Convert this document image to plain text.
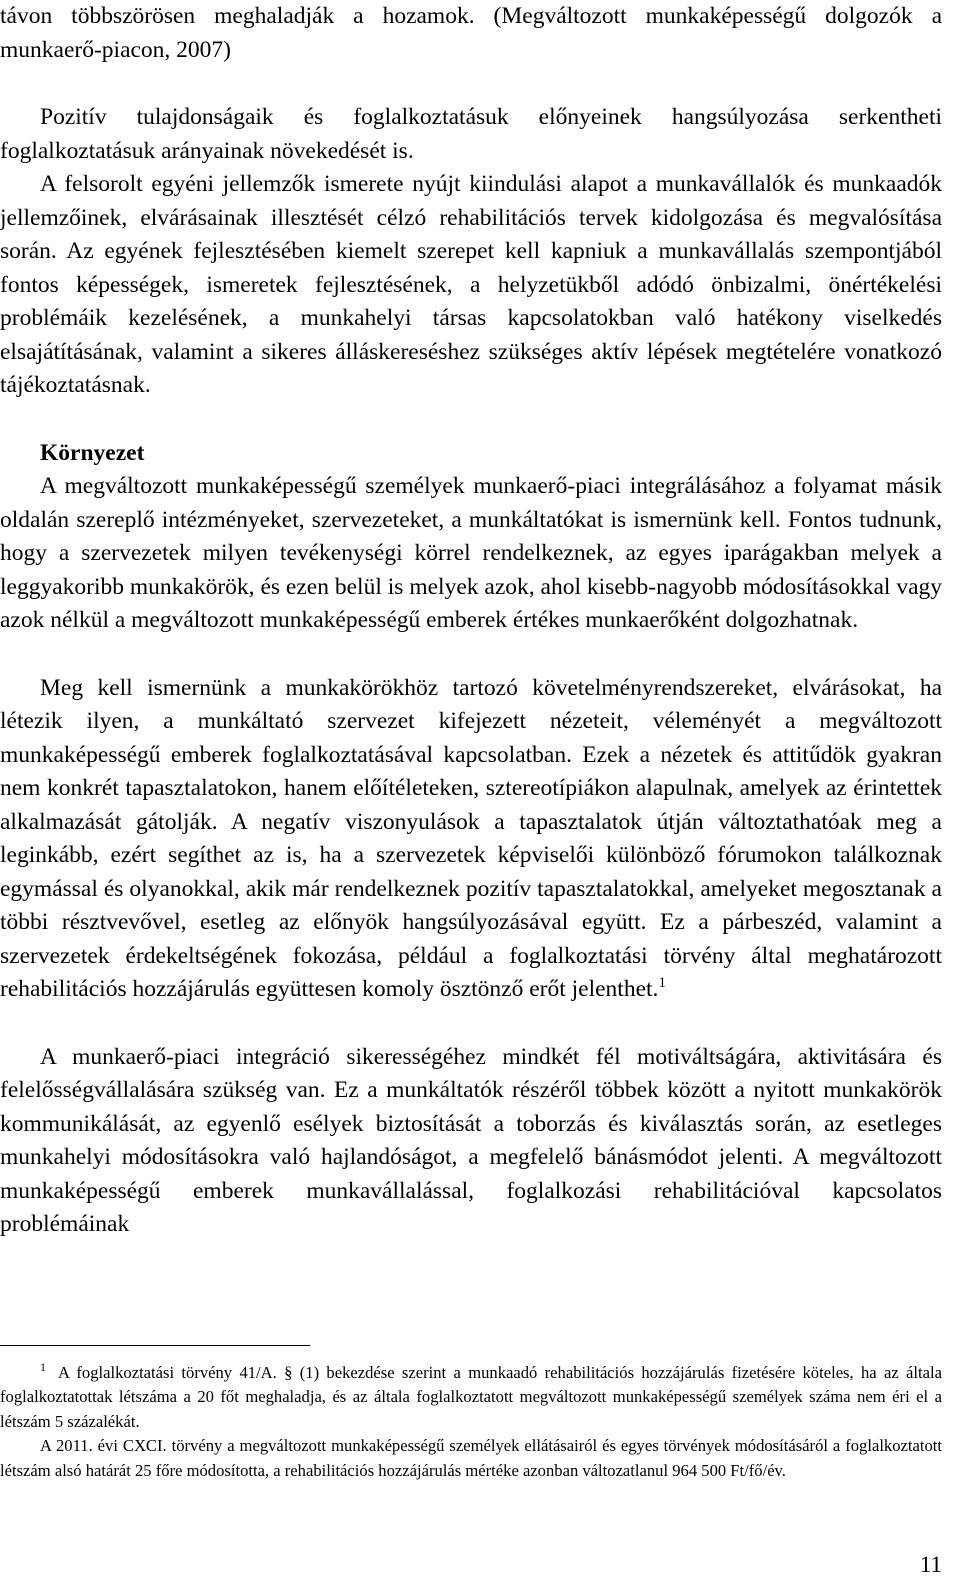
távon többszörösen meghaladják a hozamok. (Megváltozott munkaképességű dolgozók a munkaerő-piacon, 2007)

Pozitív tulajdonságaik és foglalkoztatásuk előnyeinek hangsúlyozása serkentheti foglalkoztatásuk arányainak növekedését is.

A felsorolt egyéni jellemzők ismerete nyújt kiindulási alapot a munkavállalók és munkaadók jellemzőinek, elvárásainak illesztését célzó rehabilitációs tervek kidolgozása és megvalósítása során. Az egyének fejlesztésében kiemelt szerepet kell kapniuk a munkavállalás szempontjából fontos képességek, ismeretek fejlesztésének, a helyzetükből adódó önbizalmi, önértékelési problémáik kezelésének, a munkahelyi társas kapcsolatokban való hatékony viselkedés elsajátításának, valamint a sikeres álláskereséshez szükséges aktív lépések megtételére vonatkozó tájékoztatásnak.

Környezet

A megváltozott munkaképességű személyek munkaerő-piaci integrálásához a folyamat másik oldalán szereplő intézményeket, szervezeteket, a munkáltatókat is ismernünk kell. Fontos tudnunk, hogy a szervezetek milyen tevékenységi körrel rendelkeznek, az egyes iparágakban melyek a leggyakoribb munkakörök, és ezen belül is melyek azok, ahol kisebb-nagyobb módosításokkal vagy azok nélkül a megváltozott munkaképességű emberek értékes munkaerőként dolgozhatnak.

Meg kell ismernünk a munkakörökhöz tartozó követelményrendszereket, elvárásokat, ha létezik ilyen, a munkáltató szervezet kifejezett nézeteit, véleményét a megváltozott munkaképességű emberek foglalkoztatásával kapcsolatban. Ezek a nézetek és attitűdök gyakran nem konkrét tapasztalatokon, hanem előítéleteken, sztereotípiákon alapulnak, amelyek az érintettek alkalmazását gátolják. A negatív viszonyulások a tapasztalatok útján változtathatóak meg a leginkább, ezért segíthet az is, ha a szervezetek képviselői különböző fórumokon találkoznak egymással és olyanokkal, akik már rendelkeznek pozitív tapasztalatokkal, amelyeket megosztanak a többi résztvevővel, esetleg az előnyök hangsúlyozásával együtt. Ez a párbeszéd, valamint a szervezetek érdekeltségének fokozása, például a foglalkoztatási törvény által meghatározott rehabilitációs hozzájárulás együttesen komoly ösztönző erőt jelenthet.$^1$

A munkaerő-piaci integráció sikerességéhez mindkét fél motiváltságára, aktivitására és felelősségvállalására szükség van. Ez a munkáltatók részéről többek között a nyitott munkakörök kommunikálását, az egyenlő esélyek biztosítását a toborzás és kiválasztás során, az esetleges munkahelyi módosításokra való hajlandóságot, a megfelelő bánásmódot jelenti. A megváltozott munkaképességű emberek munkavállalással, foglalkozási rehabilitációval kapcsolatos problémáinak

$^1$ A foglalkoztatási törvény 41/A. § (1) bekezdése szerint a munkaadó rehabilitációs hozzájárulás fizetésére köteles, ha az általa foglalkoztatottak létszáma a 20 főt meghaladja, és az általa foglalkoztatott megváltozott munkaképességű személyek száma nem éri el a létszám 5 százalékát.

A 2011. évi CXCI. törvény a megváltozott munkaképességű személyek ellátásairól és egyes törvények módosításáról a foglalkoztatott létszám alsó határát 25 főre módosította, a rehabilitációs hozzájárulás mértéke azonban változatlanul 964 500 Ft/fő/év.

11
